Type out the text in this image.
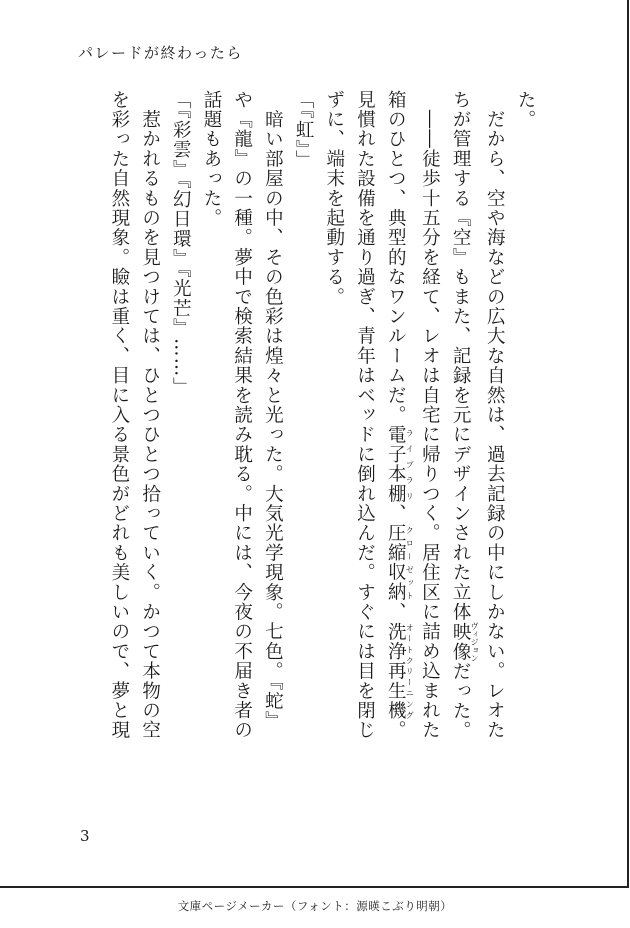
パレードが終わったら
た。
　だから、空や海などの広大な自然は、過去記録の中にしかない。レオた
ちが管理する『空』もまた、記録を元にデザインされた立体映像 ヴィジョンだった。
　――徒歩十五分を経て、レオは自宅に帰りつく。居住区に詰め込まれた
箱のひとつ、典型的なワンルームだ。電子本棚 ライブラリ、圧縮収納 クローゼット、洗浄再生機 オートクリーニング。
見慣れた設備を通り過ぎ、青年はベッドに倒れ込んだ。すぐには目を閉じ
ずに、端末を起動する。
「『虹』」
　暗い部屋の中、その色彩は煌々と光った。大気光学現象。七色。『蛇』
や『龍』の一種。夢中で検索結果を読み耽る。中には、今夜の不届き者の
話題もあった。
「『彩雲』『幻日環』『光芒』……」
　惹かれるものを見つけては、ひとつひとつ拾っていく。かつて本物の空
を彩った自然現象。瞼は重く、目に入る景色がどれも美しいので、夢と現
3
文庫ページメーカー（フォント：源暎こぶり明朝）
